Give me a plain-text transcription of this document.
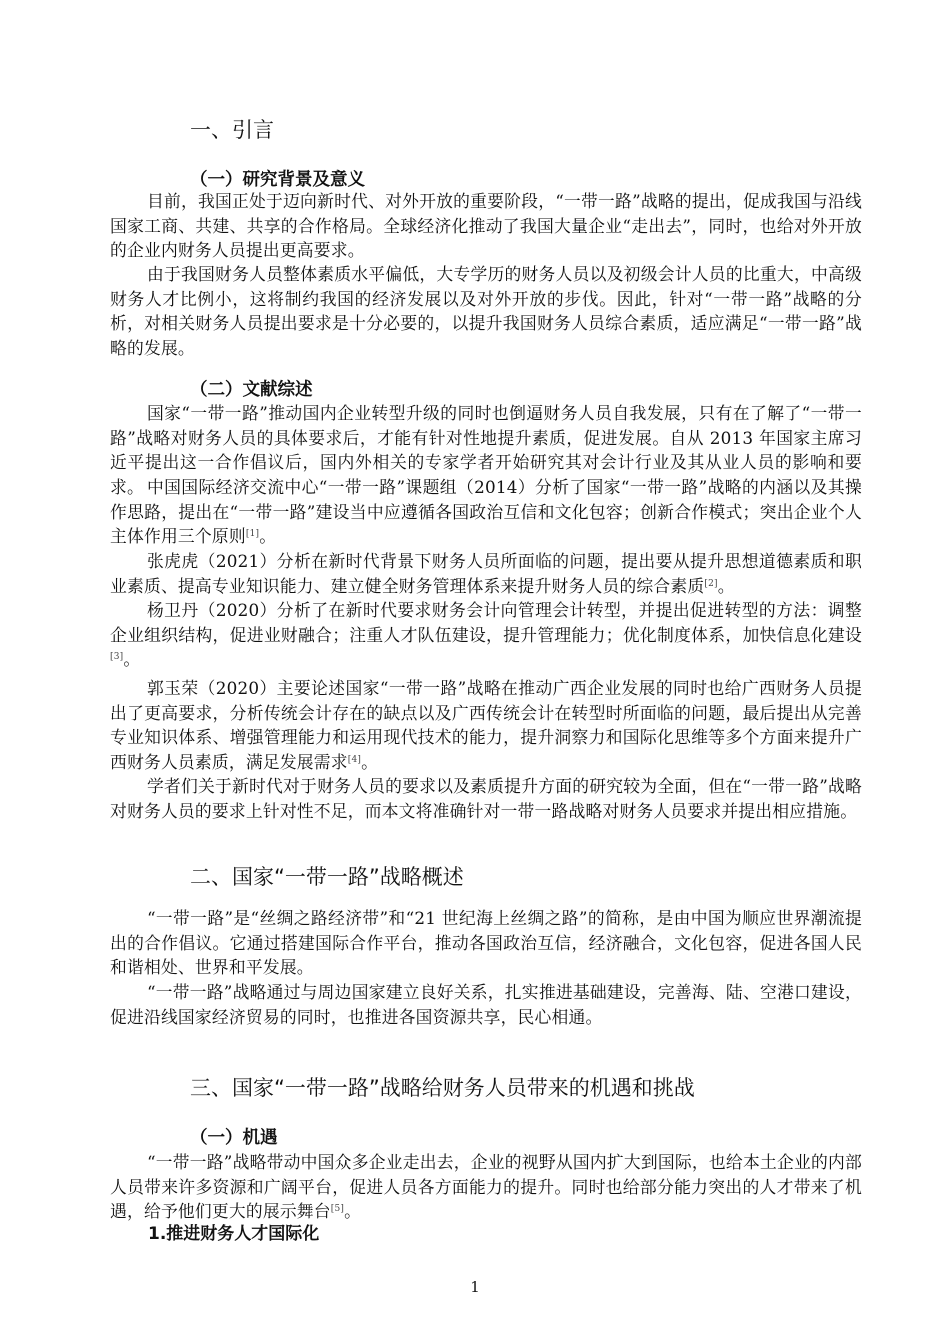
一、引言
（一）研究背景及意义

目前，我国正处于迈向新时代、对外开放的重要阶段，“一带一路”战略的提出，促成我国与沿线国家工商、共建、共享的合作格局。全球经济化推动了我国大量企业“走出去”，同时，也给对外开放的企业内财务人员提出更高要求。

由于我国财务人员整体素质水平偏低，大专学历的财务人员以及初级会计人员的比重大，中高级财务人才比例小，这将制约我国的经济发展以及对外开放的步伐。因此，针对“一带一路”战略的分析，对相关财务人员提出要求是十分必要的，以提升我国财务人员综合素质，适应满足“一带一路”战略的发展。

（二）文献综述

国家“一带一路”推动国内企业转型升级的同时也倒逼财务人员自我发展，只有在了解了“一带一路”战略对财务人员的具体要求后，才能有针对性地提升素质，促进发展。自从 2013 年国家主席习近平提出这一合作倡议后，国内外相关的专家学者开始研究其对会计行业及其从业人员的影响和要求。 中国国际经济交流中心“一带一路”课题组（2014）分析了国家“一带一路”战略的内涵以及其操作思路，提出在“一带一路”建设当中应遵循各国政治互信和文化包容；创新合作模式；突出企业个人主体作用三个原则[1]。

张虎虎（2021）分析在新时代背景下财务人员所面临的问题，提出要从提升思想道德素质和职业素质、提高专业知识能力、建立健全财务管理体系来提升财务人员的综合素质[2]。

杨卫丹（2020）分析了在新时代要求财务会计向管理会计转型，并提出促进转型的方法：调整企业组织结构，促进业财融合；注重人才队伍建设，提升管理能力；优化制度体系，加快信息化建设[3]。

郭玉荣（2020）主要论述国家“一带一路”战略在推动广西企业发展的同时也给广西财务人员提出了更高要求，分析传统会计存在的缺点以及广西传统会计在转型时所面临的问题，最后提出从完善专业知识体系、增强管理能力和运用现代技术的能力，提升洞察力和国际化思维等多个方面来提升广西财务人员素质，满足发展需求[4]。

学者们关于新时代对于财务人员的要求以及素质提升方面的研究较为全面，但在“一带一路”战略对财务人员的要求上针对性不足，而本文将准确针对一带一路战略对财务人员要求并提出相应措施。

二、国家“一带一路”战略概述

“一带一路”是“丝绸之路经济带”和“21 世纪海上丝绸之路”的简称，是由中国为顺应世界潮流提出的合作倡议。它通过搭建国际合作平台，推动各国政治互信，经济融合，文化包容，促进各国人民和谐相处、世界和平发展。

“一带一路”战略通过与周边国家建立良好关系，扎实推进基础建设，完善海、陆、空港口建设，促进沿线国家经济贸易的同时，也推进各国资源共享，民心相通。

三、国家“一带一路”战略给财务人员带来的机遇和挑战
（一）机遇

“一带一路”战略带动中国众多企业走出去，企业的视野从国内扩大到国际，也给本土企业的内部人员带来许多资源和广阔平台，促进人员各方面能力的提升。同时也给部分能力突出的人才带来了机遇，给予他们更大的展示舞台[5]。

1.推进财务人才国际化
1
